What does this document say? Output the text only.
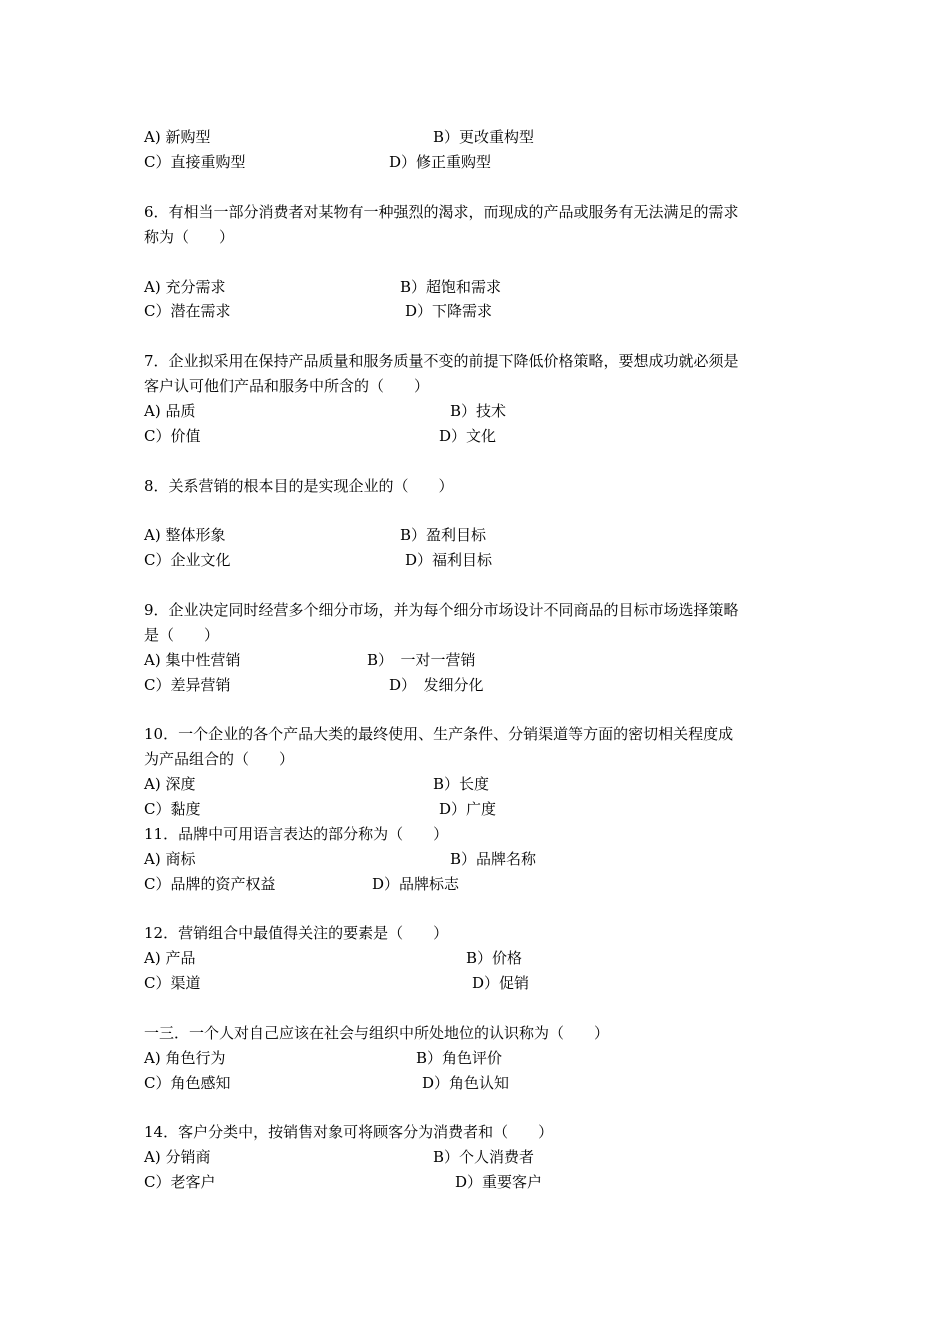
A) 新购型	B）更改重构型
C）直接重购型	D）修正重购型
6．有相当一部分消费者对某物有一种强烈的渴求，而现成的产品或服务有无法满足的需求
称为（　　）
A) 充分需求	B）超饱和需求
C）潜在需求	D）下降需求
7．企业拟采用在保持产品质量和服务质量不变的前提下降低价格策略，要想成功就必须是
客户认可他们产品和服务中所含的（　　）
A) 品质	B）技术
C）价值	D）文化
8．关系营销的根本目的是实现企业的（　　）
A) 整体形象	B）盈利目标
C）企业文化	D）福利目标
9．企业决定同时经营多个细分市场，并为每个细分市场设计不同商品的目标市场选择策略
是（　　）
A) 集中性营销	B）　一对一营销
C）差异营销	D）　发细分化
10．一个企业的各个产品大类的最终使用、生产条件、分销渠道等方面的密切相关程度成
为产品组合的（　　）
A) 深度	B）长度
C）黏度	D）广度
11．品牌中可用语言表达的部分称为（　　）
A) 商标	B）品牌名称
C）品牌的资产权益	D）品牌标志
12．营销组合中最值得关注的要素是（　　）
A) 产品	B）价格
C）渠道	D）促销
一三．一个人对自己应该在社会与组织中所处地位的认识称为（　　）
A) 角色行为	B）角色评价
C）角色感知	D）角色认知
14．客户分类中，按销售对象可将顾客分为消费者和（　　）
A) 分销商	B）个人消费者
C）老客户	D）重要客户
